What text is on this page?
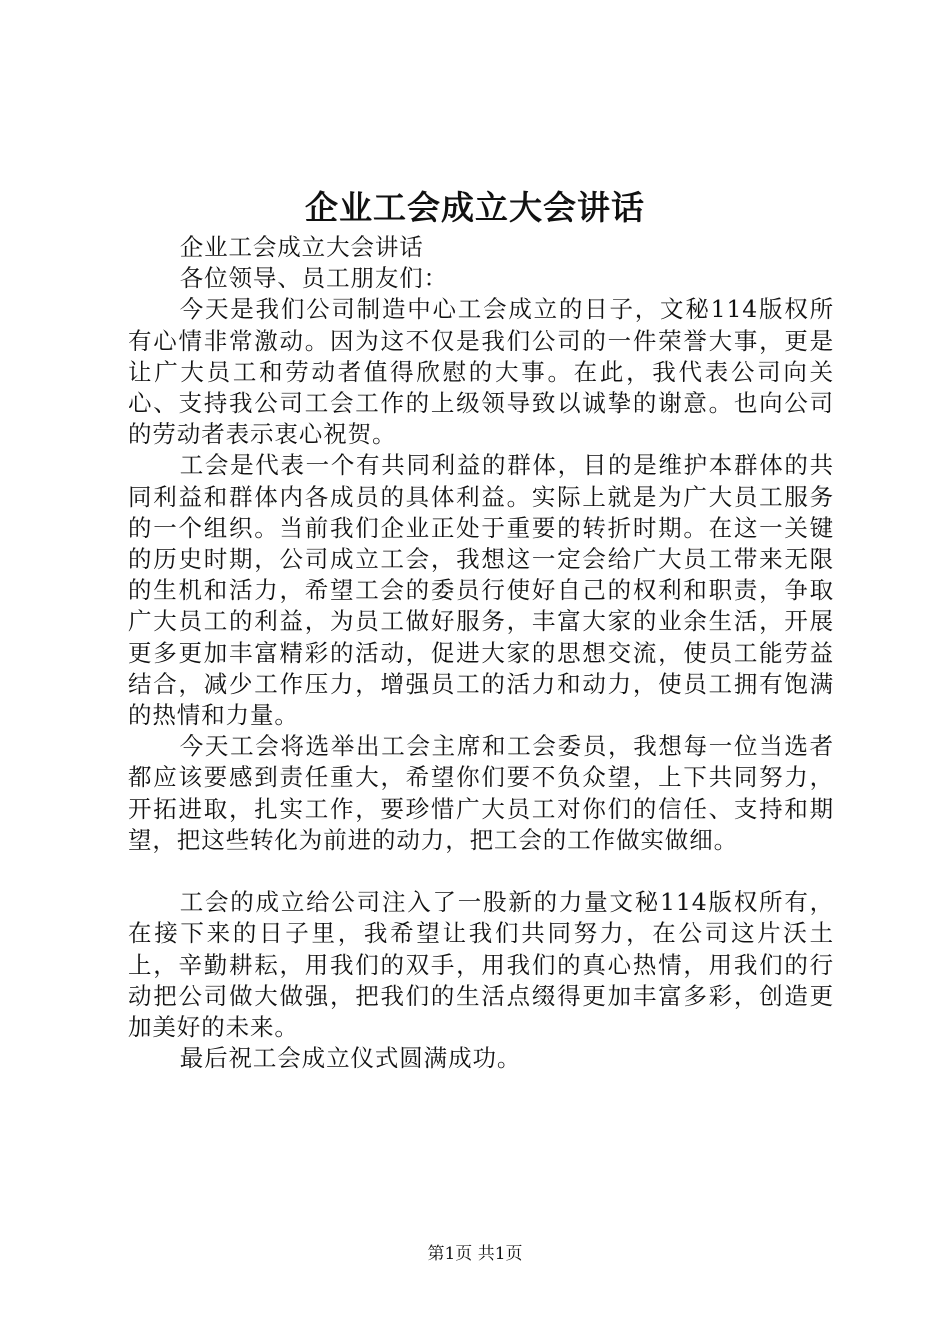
企业工会成立大会讲话

企业工会成立大会讲话

各位领导、员工朋友们：

今天是我们公司制造中心工会成立的日子，文秘114版权所有心情非常激动。因为这不仅是我们公司的一件荣誉大事，更是让广大员工和劳动者值得欣慰的大事。在此，我代表公司向关心、支持我公司工会工作的上级领导致以诚挚的谢意。也向公司的劳动者表示衷心祝贺。

工会是代表一个有共同利益的群体，目的是维护本群体的共同利益和群体内各成员的具体利益。实际上就是为广大员工服务的一个组织。当前我们企业正处于重要的转折时期。在这一关键的历史时期，公司成立工会，我想这一定会给广大员工带来无限的生机和活力，希望工会的委员行使好自己的权利和职责，争取广大员工的利益，为员工做好服务，丰富大家的业余生活，开展更多更加丰富精彩的活动，促进大家的思想交流，使员工能劳益结合，减少工作压力，增强员工的活力和动力，使员工拥有饱满的热情和力量。

今天工会将选举出工会主席和工会委员，我想每一位当选者都应该要感到责任重大，希望你们要不负众望，上下共同努力，开拓进取，扎实工作，要珍惜广大员工对你们的信任、支持和期望，把这些转化为前进的动力，把工会的工作做实做细。

工会的成立给公司注入了一股新的力量文秘114版权所有，在接下来的日子里，我希望让我们共同努力，在公司这片沃土上，辛勤耕耘，用我们的双手，用我们的真心热情，用我们的行动把公司做大做强，把我们的生活点缀得更加丰富多彩，创造更加美好的未来。

最后祝工会成立仪式圆满成功。

第1页 共1页
